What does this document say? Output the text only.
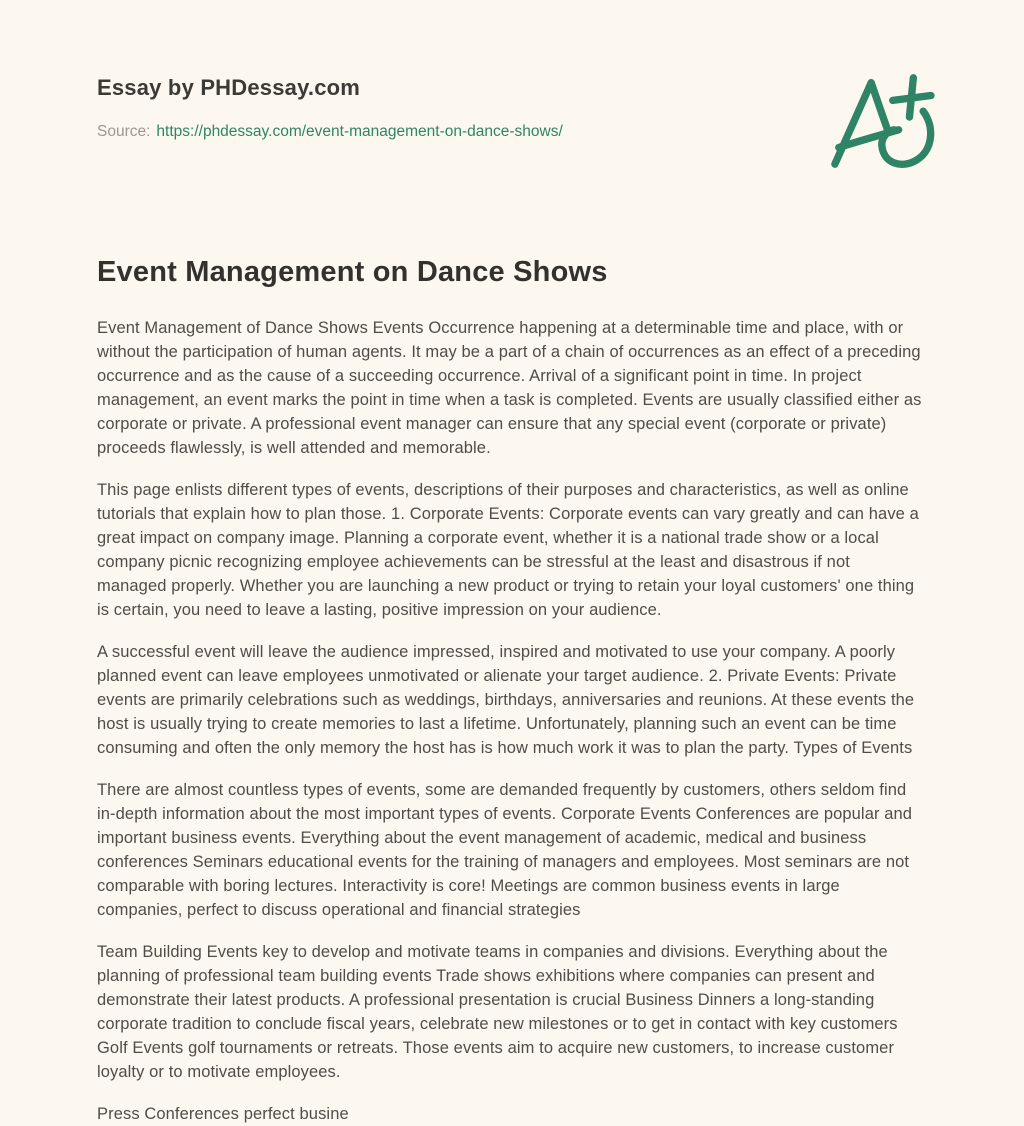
Essay by PHDessay.com
Source: https://phdessay.com/event-management-on-dance-shows/
Event Management on Dance Shows

Event Management of Dance Shows Events Occurrence happening at a determinable time and place, with or without the participation of human agents. It may be a part of a chain of occurrences as an effect of a preceding occurrence and as the cause of a succeeding occurrence. Arrival of a significant point in time. In project management, an event marks the point in time when a task is completed. Events are usually classified either as corporate or private. A professional event manager can ensure that any special event (corporate or private) proceeds flawlessly, is well attended and memorable.

This page enlists different types of events, descriptions of their purposes and characteristics, as well as online tutorials that explain how to plan those. 1. Corporate Events: Corporate events can vary greatly and can have a great impact on company image. Planning a corporate event, whether it is a national trade show or a local company picnic recognizing employee achievements can be stressful at the least and disastrous if not managed properly. Whether you are launching a new product or trying to retain your loyal customers' one thing is certain, you need to leave a lasting, positive impression on your audience.

A successful event will leave the audience impressed, inspired and motivated to use your company. A poorly planned event can leave employees unmotivated or alienate your target audience. 2. Private Events: Private events are primarily celebrations such as weddings, birthdays, anniversaries and reunions. At these events the host is usually trying to create memories to last a lifetime. Unfortunately, planning such an event can be time consuming and often the only memory the host has is how much work it was to plan the party. Types of Events

There are almost countless types of events, some are demanded frequently by customers, others seldom find in-depth information about the most important types of events. Corporate Events Conferences are popular and important business events. Everything about the event management of academic, medical and business conferences Seminars educational events for the training of managers and employees. Most seminars are not comparable with boring lectures. Interactivity is core! Meetings are common business events in large companies, perfect to discuss operational and financial strategies

Team Building Events key to develop and motivate teams in companies and divisions. Everything about the planning of professional team building events Trade shows exhibitions where companies can present and demonstrate their latest products. A professional presentation is crucial Business Dinners a long-standing corporate tradition to conclude fiscal years, celebrate new milestones or to get in contact with key customers Golf Events golf tournaments or retreats. Those events aim to acquire new customers, to increase customer loyalty or to motivate employees.

Press Conferences perfect busine
